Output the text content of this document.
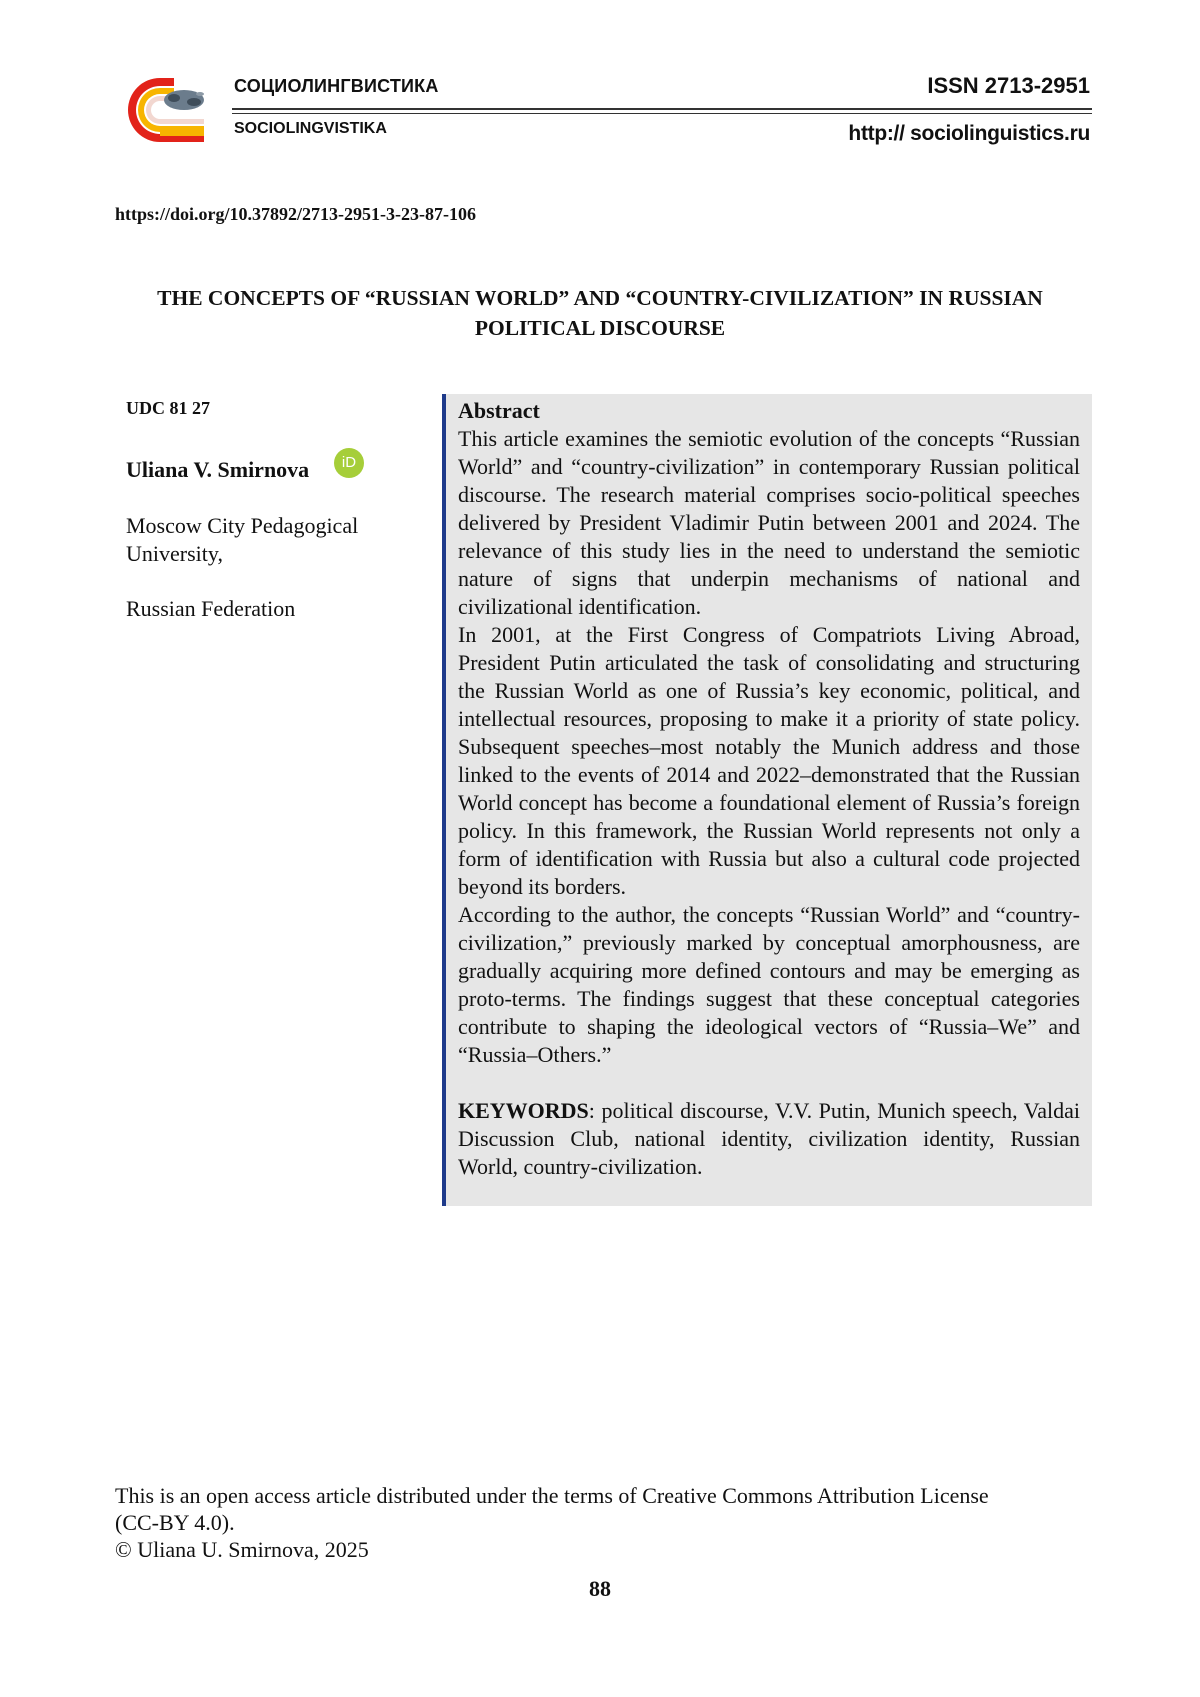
СОЦИОЛИНГВИСТИКА
SOCIOLINGVISTIKA
ISSN 2713-2951
http:// sociolinguistics.ru
https://doi.org/10.37892/2713-2951-3-23-87-106
THE CONCEPTS OF “RUSSIAN WORLD” AND “COUNTRY-CIVILIZATION” IN RUSSIAN POLITICAL DISCOURSE
UDC 81 27
Uliana V. Smirnova	iD
Moscow City Pedagogical University,
Russian Federation
Abstract

This article examines the semiotic evolution of the concepts “Russian World” and “country-civilization” in contemporary Russian political discourse. The research material comprises socio-political speeches delivered by President Vladimir Putin between 2001 and 2024. The relevance of this study lies in the need to understand the semiotic nature of signs that underpin mechanisms of national and civilizational identification.

In 2001, at the First Congress of Compatriots Living Abroad, President Putin articulated the task of consolidating and structuring the Russian World as one of Russia’s key economic, political, and intellectual resources, proposing to make it a priority of state policy. Subsequent speeches–most notably the Munich address and those linked to the events of 2014 and 2022–demonstrated that the Russian World concept has become a foundational element of Russia’s foreign policy. In this framework, the Russian World represents not only a form of identification with Russia but also a cultural code projected beyond its borders.

According to the author, the concepts “Russian World” and “country-civilization,” previously marked by conceptual amorphousness, are gradually acquiring more defined contours and may be emerging as proto-terms. The findings suggest that these conceptual categories contribute to shaping the ideological vectors of “Russia–We” and “Russia–Others.”

KEYWORDS: political discourse, V.V. Putin, Munich speech, Valdai Discussion Club, national identity, civilization identity, Russian World, country-civilization.

This is an open access article distributed under the terms of Creative Commons Attribution License (CC-BY 4.0).
© Uliana U. Smirnova, 2025
88
